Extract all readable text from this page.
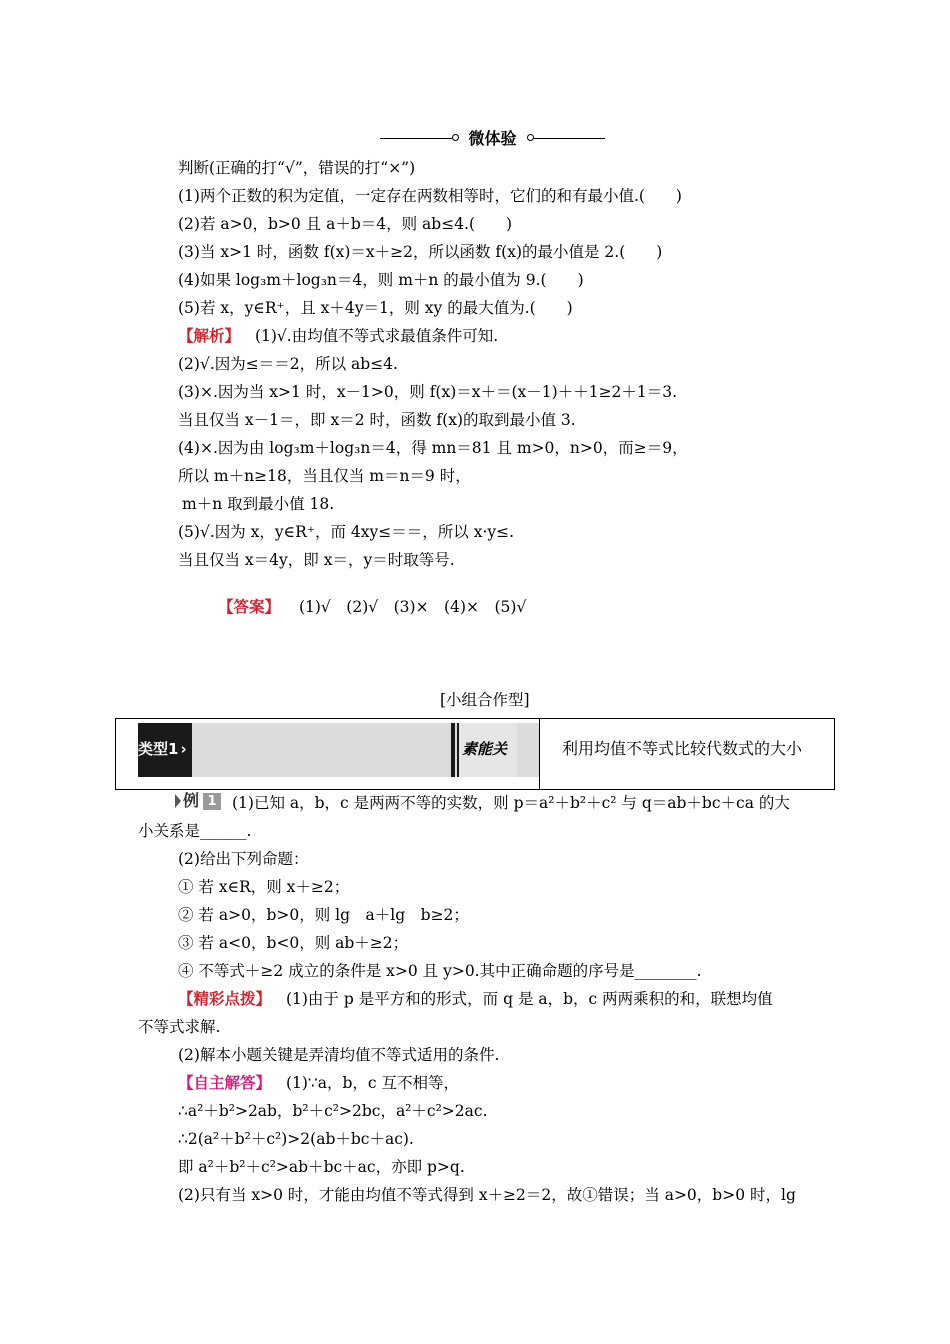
微体验
判断(正确的打“√”，错误的打“×”)
(1)两个正数的积为定值，一定存在两数相等时，它们的和有最小值.(　　)
(2)若 a>0，b>0 且 a＋b＝4，则 ab≤4.(　　)
(3)当 x>1 时，函数 f(x)＝x＋≥2，所以函数 f(x)的最小值是 2.(　　)
(4)如果 log₃m＋log₃n＝4，则 m＋n 的最小值为 9.(　　)
(5)若 x，y∈R⁺，且 x＋4y＝1，则 xy 的最大值为.(　　)
【解析】 (1)√.由均值不等式求最值条件可知.
(2)√.因为≤＝＝2，所以 ab≤4.
(3)×.因为当 x>1 时，x－1>0，则 f(x)＝x＋＝(x－1)＋＋1≥2＋1＝3.
当且仅当 x－1＝，即 x＝2 时，函数 f(x)的取到最小值 3.
(4)×.因为由 log₃m＋log₃n＝4，得 mn＝81 且 m>0，n>0，而≥＝9，
所以 m＋n≥18，当且仅当 m＝n＝9 时，
m＋n 取到最小值 18.
(5)√.因为 x，y∈R⁺，而 4xy≤＝＝，所以 x·y≤.
当且仅当 x＝4y，即 x＝，y＝时取等号.
【答案】 (1)√　(2)√　(3)×　(4)×　(5)√
[小组合作型]
类型1 ›	素能关	利用均值不等式比较代数式的大小
例 1 (1)已知 a，b，c 是两两不等的实数，则 p＝a²＋b²＋c² 与 q＝ab＋bc＋ca 的大
小关系是______.
(2)给出下列命题：
① 若 x∈R，则 x＋≥2；
② 若 a>0，b>0，则 lg　a＋lg　b≥2；
③ 若 a<0，b<0，则 ab＋≥2；
④ 不等式＋≥2 成立的条件是 x>0 且 y>0.其中正确命题的序号是________.
【精彩点拨】 (1)由于 p 是平方和的形式，而 q 是 a，b，c 两两乘积的和，联想均值
不等式求解.
(2)解本小题关键是弄清均值不等式适用的条件.
【自主解答】 (1)∵a，b，c 互不相等，
∴a²＋b²>2ab，b²＋c²>2bc，a²＋c²>2ac.
∴2(a²＋b²＋c²)>2(ab＋bc＋ac).
即 a²＋b²＋c²>ab＋bc＋ac，亦即 p>q.
(2)只有当 x>0 时，才能由均值不等式得到 x＋≥2＝2，故①错误；当 a>0，b>0 时，lg
